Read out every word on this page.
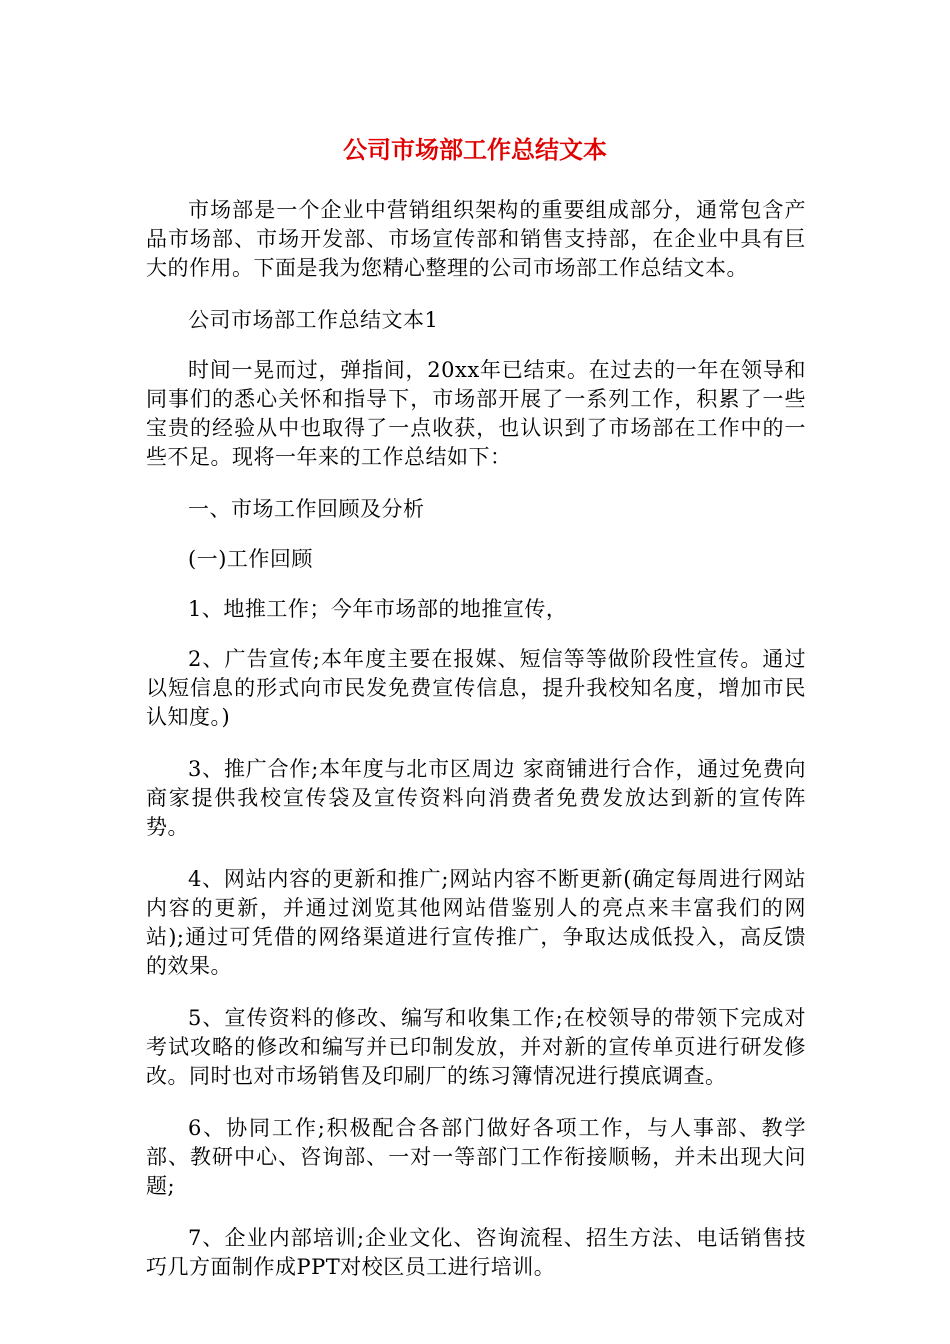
公司市场部工作总结文本

市场部是一个企业中营销组织架构的重要组成部分，通常包含产品市场部、市场开发部、市场宣传部和销售支持部，在企业中具有巨大的作用。下面是我为您精心整理的公司市场部工作总结文本。

公司市场部工作总结文本1

时间一晃而过，弹指间，20xx年已结束。在过去的一年在领导和同事们的悉心关怀和指导下，市场部开展了一系列工作，积累了一些宝贵的经验从中也取得了一点收获，也认识到了市场部在工作中的一些不足。现将一年来的工作总结如下：

一、市场工作回顾及分析

(一)工作回顾

1、地推工作；今年市场部的地推宣传，

2、广告宣传;本年度主要在报媒、短信等等做阶段性宣传。通过以短信息的形式向市民发免费宣传信息，提升我校知名度，增加市民认知度。)

3、推广合作;本年度与北市区周边 家商铺进行合作，通过免费向商家提供我校宣传袋及宣传资料向消费者免费发放达到新的宣传阵势。

4、网站内容的更新和推广;网站内容不断更新(确定每周进行网站内容的更新，并通过浏览其他网站借鉴别人的亮点来丰富我们的网站);通过可凭借的网络渠道进行宣传推广，争取达成低投入，高反馈的效果。

5、宣传资料的修改、编写和收集工作;在校领导的带领下完成对考试攻略的修改和编写并已印制发放，并对新的宣传单页进行研发修改。同时也对市场销售及印刷厂的练习簿情况进行摸底调查。

6、协同工作;积极配合各部门做好各项工作，与人事部、教学部、教研中心、咨询部、一对一等部门工作衔接顺畅，并未出现大问题;

7、企业内部培训;企业文化、咨询流程、招生方法、电话销售技巧几方面制作成PPT对校区员工进行培训。
